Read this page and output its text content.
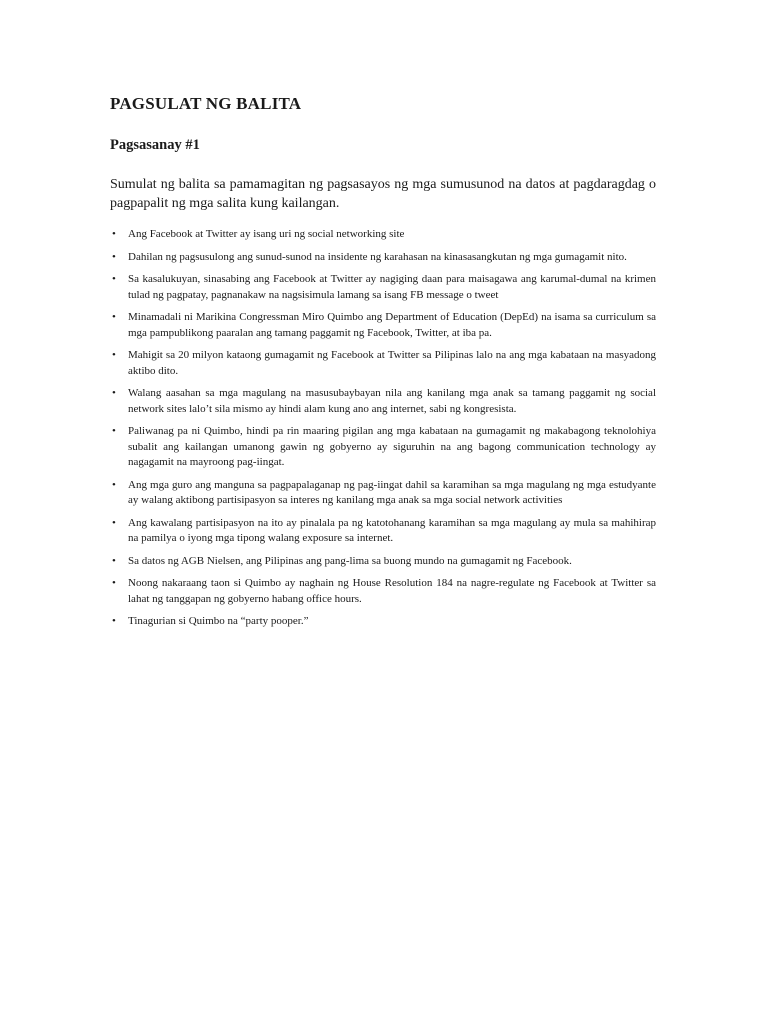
PAGSULAT NG BALITA
Pagsasanay #1

Sumulat ng balita sa pamamagitan ng pagsasayos ng mga sumusunod na datos at pagdaragdag o pagpapalit ng mga salita kung kailangan.

• Ang Facebook at Twitter ay isang uri ng social networking site
• Dahilan ng pagsusulong ang sunud-sunod na insidente ng karahasan na kinasasangkutan ng mga gumagamit nito.
• Sa kasalukuyan, sinasabing ang Facebook at Twitter ay nagiging daan para maisagawa ang karumal-dumal na krimen tulad ng pagpatay, pagnanakaw na nagsisimula lamang sa isang FB message o tweet
• Minamadali ni Marikina Congressman Miro Quimbo ang Department of Education (DepEd) na isama sa curriculum sa mga pampublikong paaralan ang tamang paggamit ng Facebook, Twitter, at iba pa.
• Mahigit sa 20 milyon kataong gumagamit ng Facebook at Twitter sa Pilipinas lalo na ang mga kabataan na masyadong aktibo dito.
• Walang aasahan sa mga magulang na masusubaybayan nila ang kanilang mga anak sa tamang paggamit ng social network sites lalo’t sila mismo ay hindi alam kung ano ang internet, sabi ng kongresista.
• Paliwanag pa ni Quimbo, hindi pa rin maaring pigilan ang mga kabataan na gumagamit ng makabagong teknolohiya subalit ang kailangan umanong gawin ng gobyerno ay siguruhin na ang bagong communication technology ay nagagamit na mayroong pag-iingat.
• Ang mga guro ang manguna sa pagpapalaganap ng pag-iingat dahil sa karamihan sa mga magulang ng mga estudyante ay walang aktibong partisipasyon sa interes ng kanilang mga anak sa mga social network activities
• Ang kawalang partisipasyon na ito ay pinalala pa ng katotohanang karamihan sa mga magulang ay mula sa mahihirap na pamilya o iyong mga tipong walang exposure sa internet.
• Sa datos ng AGB Nielsen, ang Pilipinas ang pang-lima sa buong mundo na gumagamit ng Facebook.
• Noong nakaraang taon si Quimbo ay naghain ng House Resolution 184 na nagre-regulate ng Facebook at Twitter sa lahat ng tanggapan ng gobyerno habang office hours.
• Tinagurian si Quimbo na “party pooper.”
